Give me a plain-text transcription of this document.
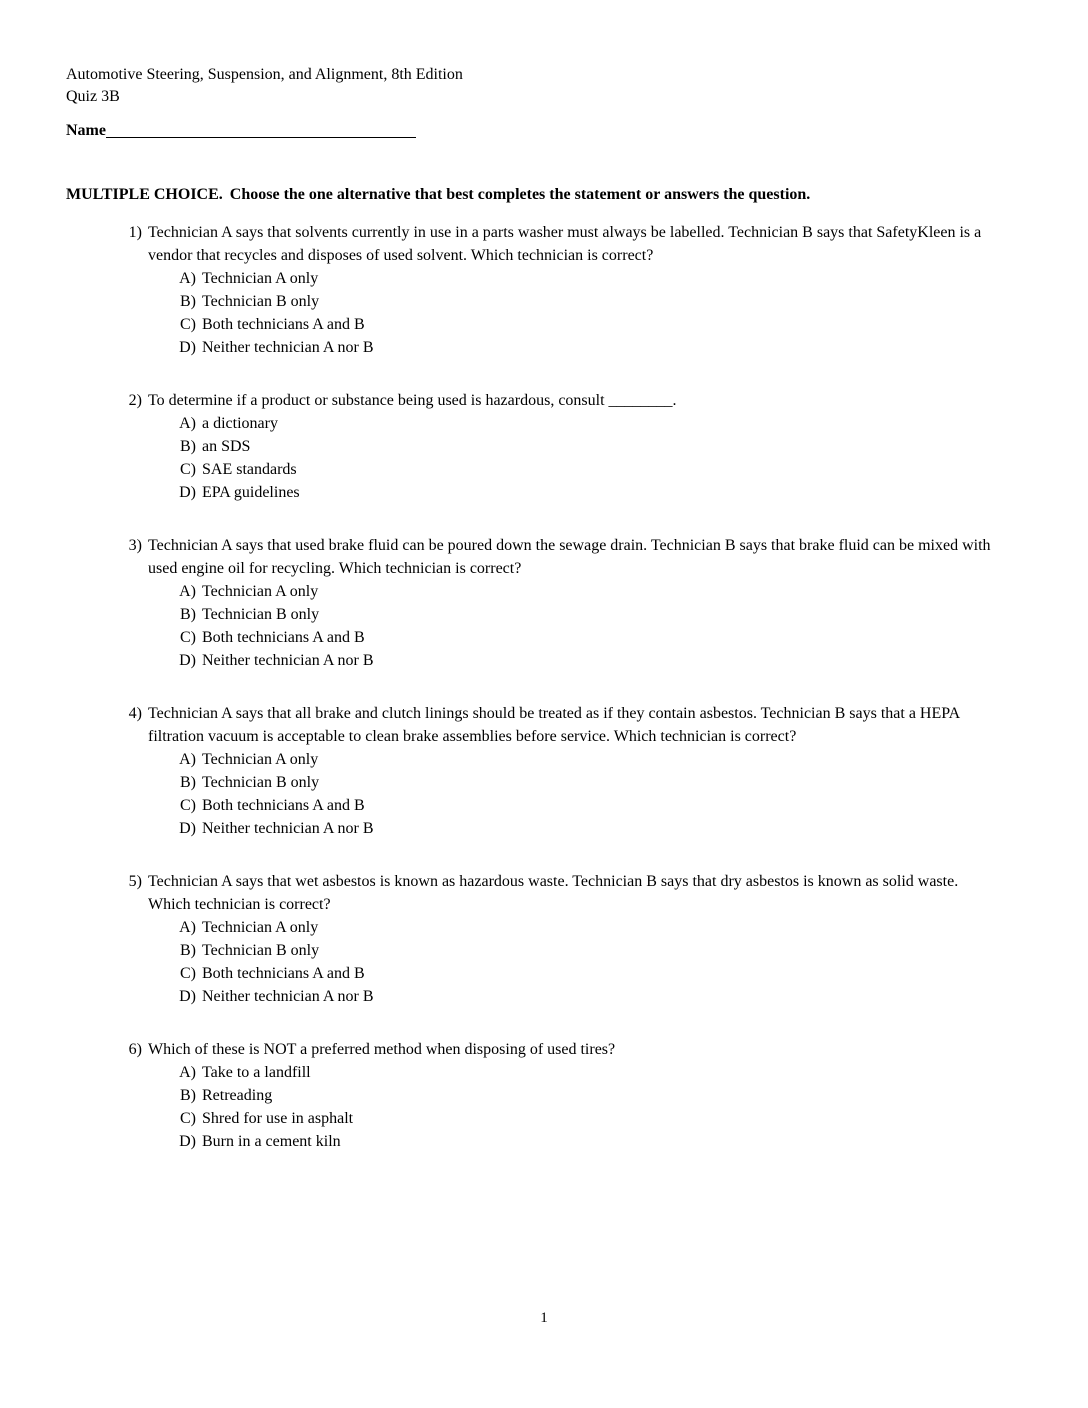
Automotive Steering, Suspension, and Alignment, 8th Edition
Quiz 3B
Name
MULTIPLE CHOICE. Choose the one alternative that best completes the statement or answers the question.
1) Technician A says that solvents currently in use in a parts washer must always be labelled. Technician B says that SafetyKleen is a vendor that recycles and disposes of used solvent. Which technician is correct?
A) Technician A only
B) Technician B only
C) Both technicians A and B
D) Neither technician A nor B
2) To determine if a product or substance being used is hazardous, consult ________.
A) a dictionary
B) an SDS
C) SAE standards
D) EPA guidelines
3) Technician A says that used brake fluid can be poured down the sewage drain. Technician B says that brake fluid can be mixed with used engine oil for recycling. Which technician is correct?
A) Technician A only
B) Technician B only
C) Both technicians A and B
D) Neither technician A nor B
4) Technician A says that all brake and clutch linings should be treated as if they contain asbestos. Technician B says that a HEPA filtration vacuum is acceptable to clean brake assemblies before service. Which technician is correct?
A) Technician A only
B) Technician B only
C) Both technicians A and B
D) Neither technician A nor B
5) Technician A says that wet asbestos is known as hazardous waste. Technician B says that dry asbestos is known as solid waste. Which technician is correct?
A) Technician A only
B) Technician B only
C) Both technicians A and B
D) Neither technician A nor B
6) Which of these is NOT a preferred method when disposing of used tires?
A) Take to a landfill
B) Retreading
C) Shred for use in asphalt
D) Burn in a cement kiln
1
